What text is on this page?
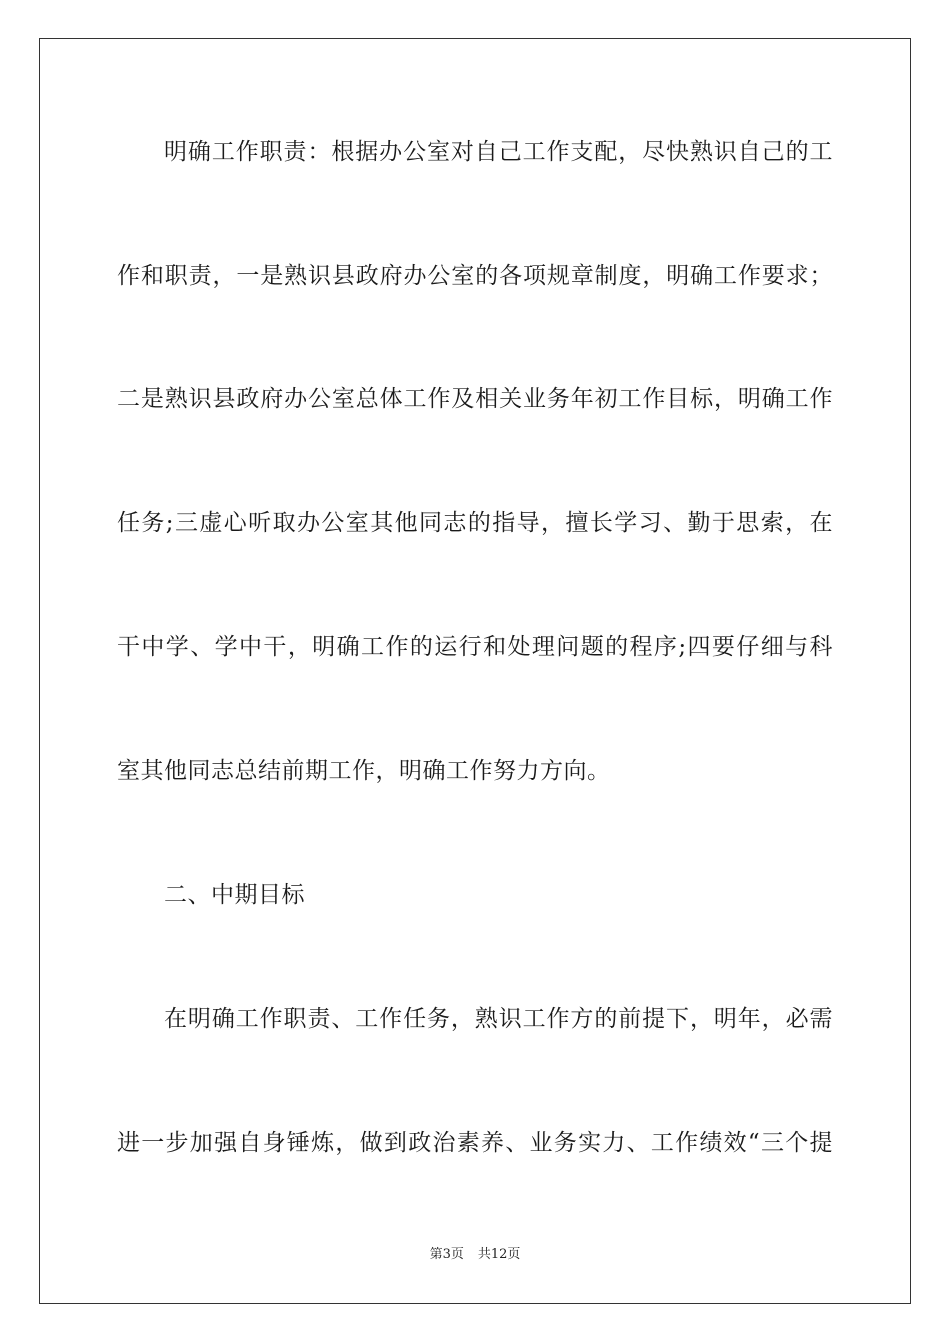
明确工作职责：根据办公室对自己工作支配，尽快熟识自己的工
作和职责，一是熟识县政府办公室的各项规章制度，明确工作要求；
二是熟识县政府办公室总体工作及相关业务年初工作目标，明确工作
任务;三虚心听取办公室其他同志的指导，擅长学习、勤于思索，在
干中学、学中干，明确工作的运行和处理问题的程序;四要仔细与科
室其他同志总结前期工作，明确工作努力方向。
二、中期目标
在明确工作职责、工作任务，熟识工作方的前提下，明年，必需
进一步加强自身锤炼，做到政治素养、业务实力、工作绩效“三个提
第3页 共12页
